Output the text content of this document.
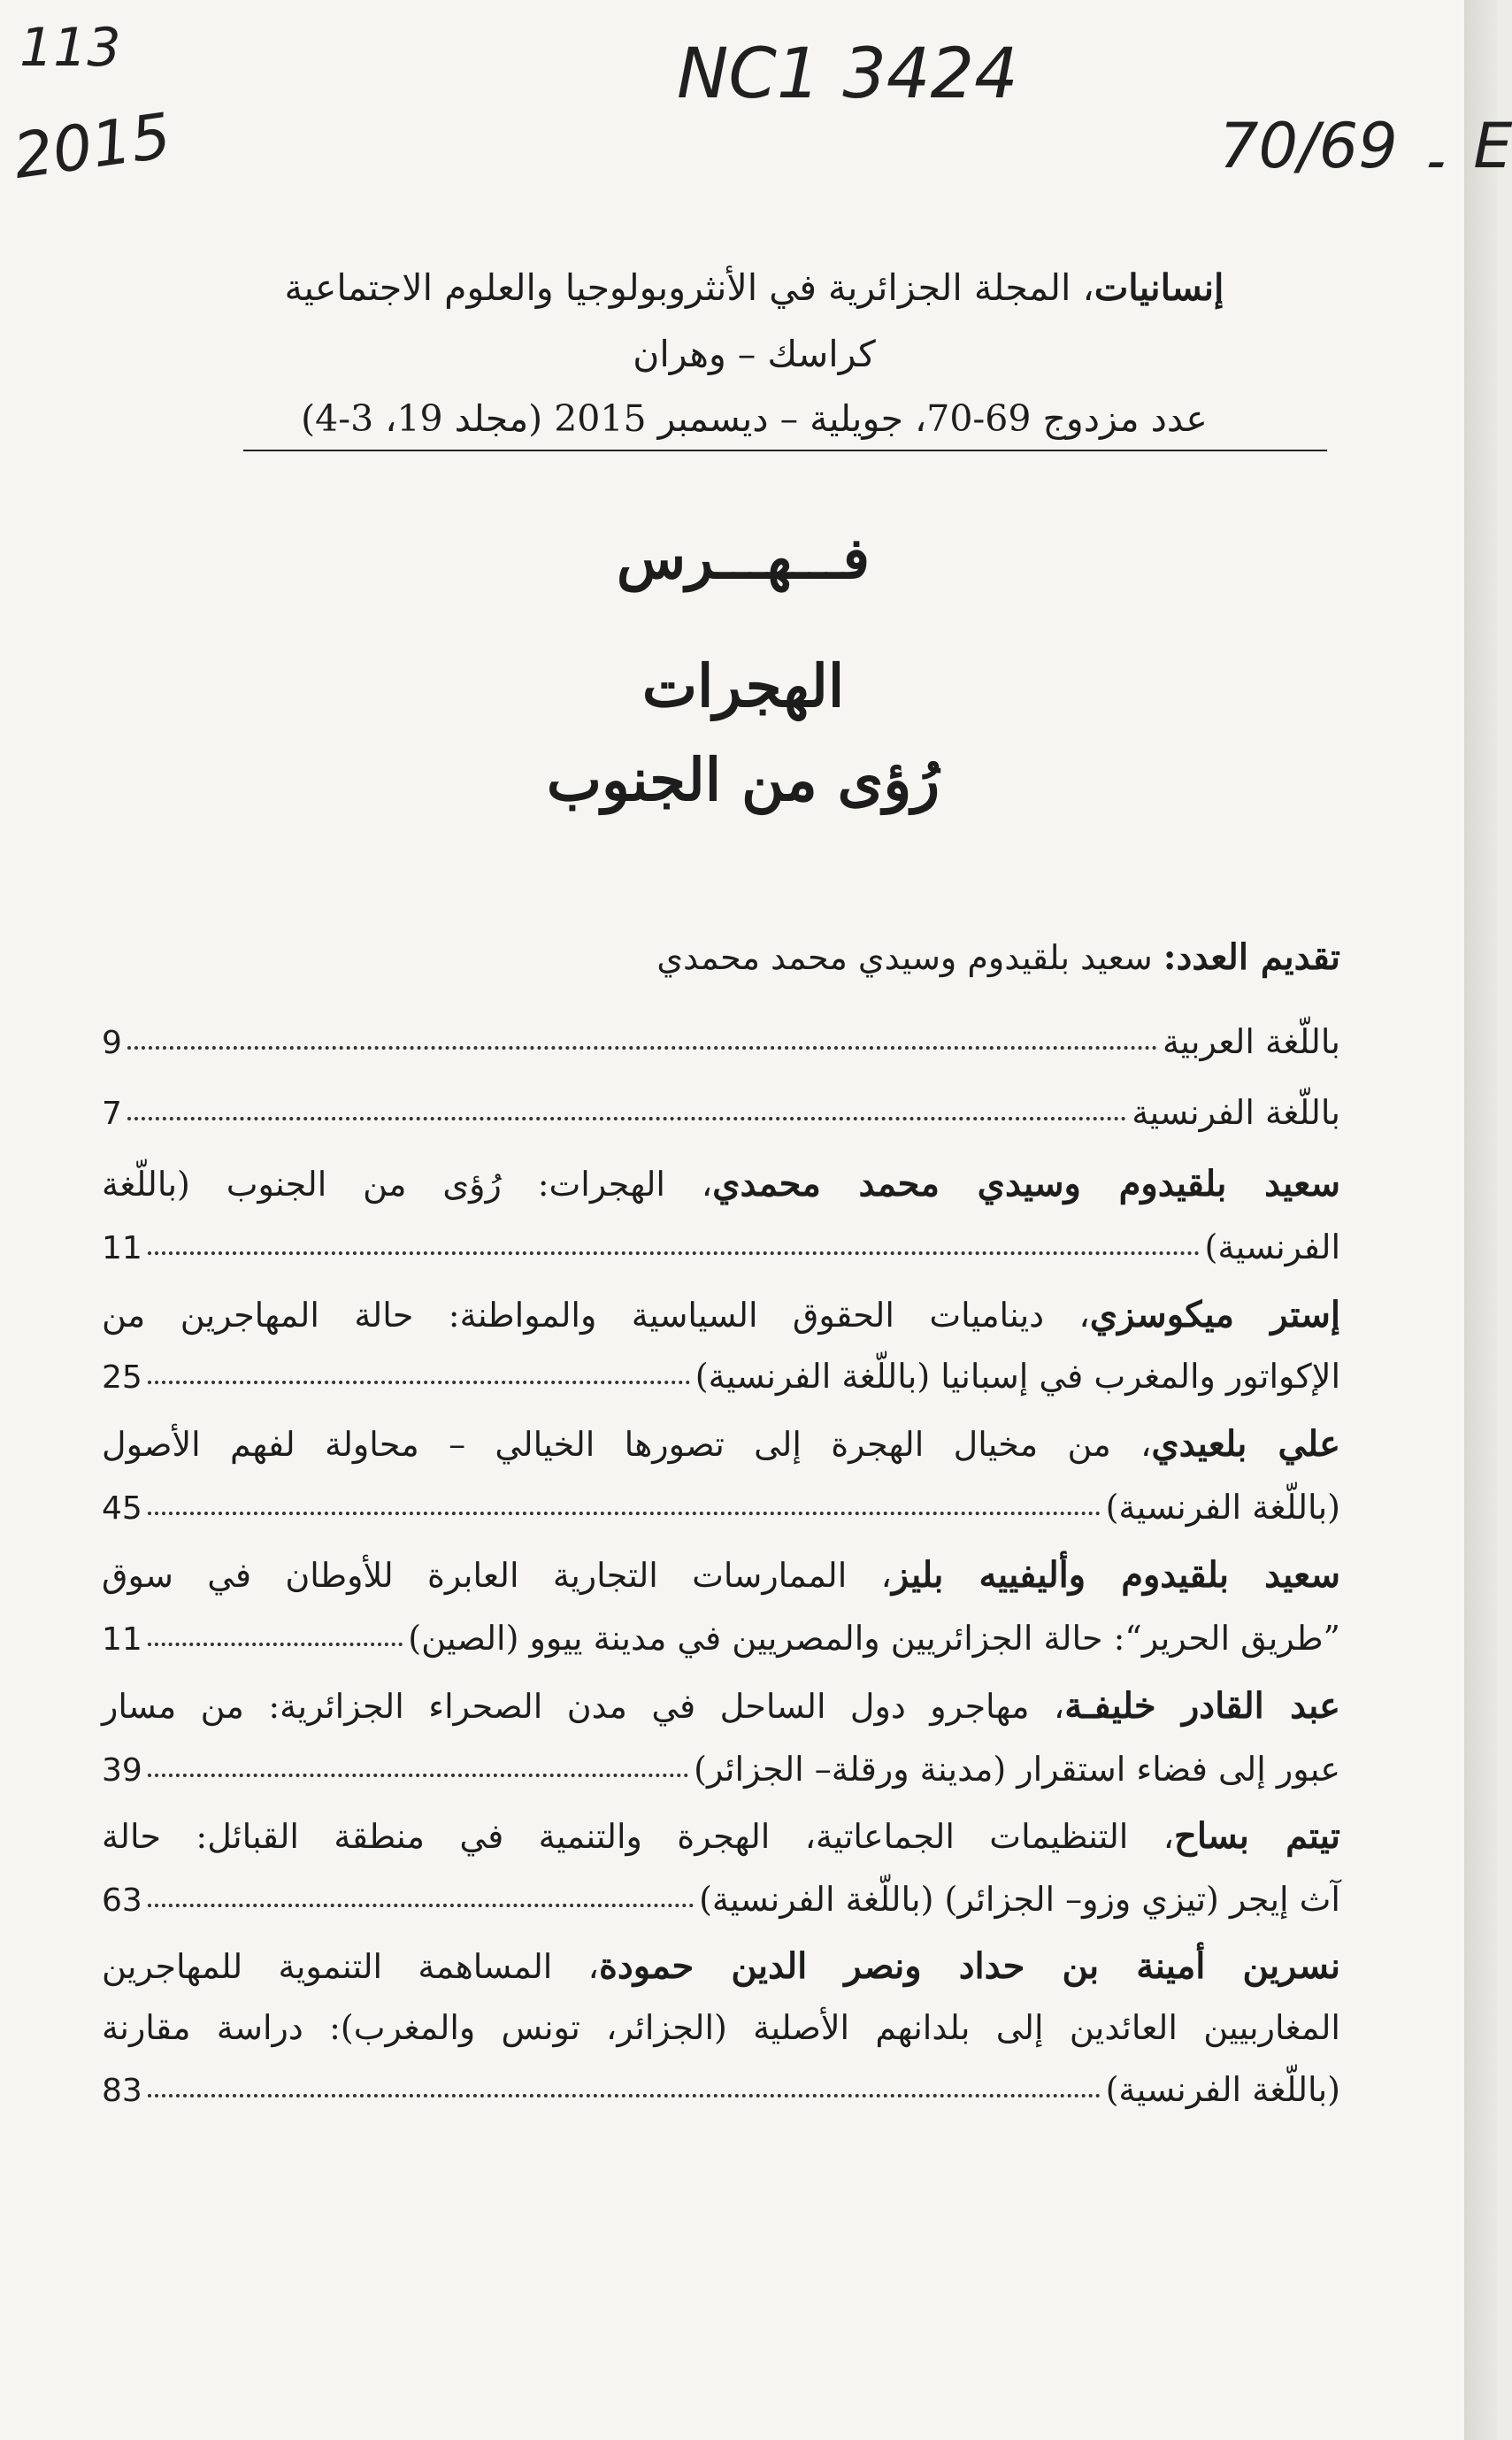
113
2015
NC1 3424
70/69 ۔ E
إنسانيات، المجلة الجزائرية في الأنثروبولوجيا والعلوم الاجتماعية
كراسك – وهران
عدد مزدوج 69-70، جويلية – ديسمبر 2015 (مجلد 19، 3-4)
فـــهـــرس
الهجرات
رُؤى من الجنوب
تقديم العدد: سعيد بلقيدوم وسيدي محمد محمدي
باللّغة العربية
9
باللّغة الفرنسية
7
سعيد بلقيدوم وسيدي محمد محمدي، الهجرات: رُؤى من الجنوب (باللّغة
الفرنسية)
11
إستر ميكوسزي، ديناميات الحقوق السياسية والمواطنة: حالة المهاجرين من
الإكواتور والمغرب في إسبانيا (باللّغة الفرنسية)
25
علي بلعيدي، من مخيال الهجرة إلى تصورها الخيالي – محاولة لفهم الأصول
(باللّغة الفرنسية)
45
سعيد بلقيدوم وأليفييه بليز، الممارسات التجارية العابرة للأوطان في سوق
”طريق الحرير“: حالة الجزائريين والمصريين في مدينة ييوو (الصين)
11
عبد القادر خليفـة، مهاجرو دول الساحل في مدن الصحراء الجزائرية: من مسار
عبور إلى فضاء استقرار (مدينة ورقلة– الجزائر)
39
تيتم بساح، التنظيمات الجماعاتية، الهجرة والتنمية في منطقة القبائل: حالة
آث إيجر (تيزي وزو– الجزائر) (باللّغة الفرنسية)
63
نسرين أمينة بن حداد ونصر الدين حمودة، المساهمة التنموية للمهاجرين
المغاربيين العائدين إلى بلدانهم الأصلية (الجزائر، تونس والمغرب): دراسة مقارنة
(باللّغة الفرنسية)
83
